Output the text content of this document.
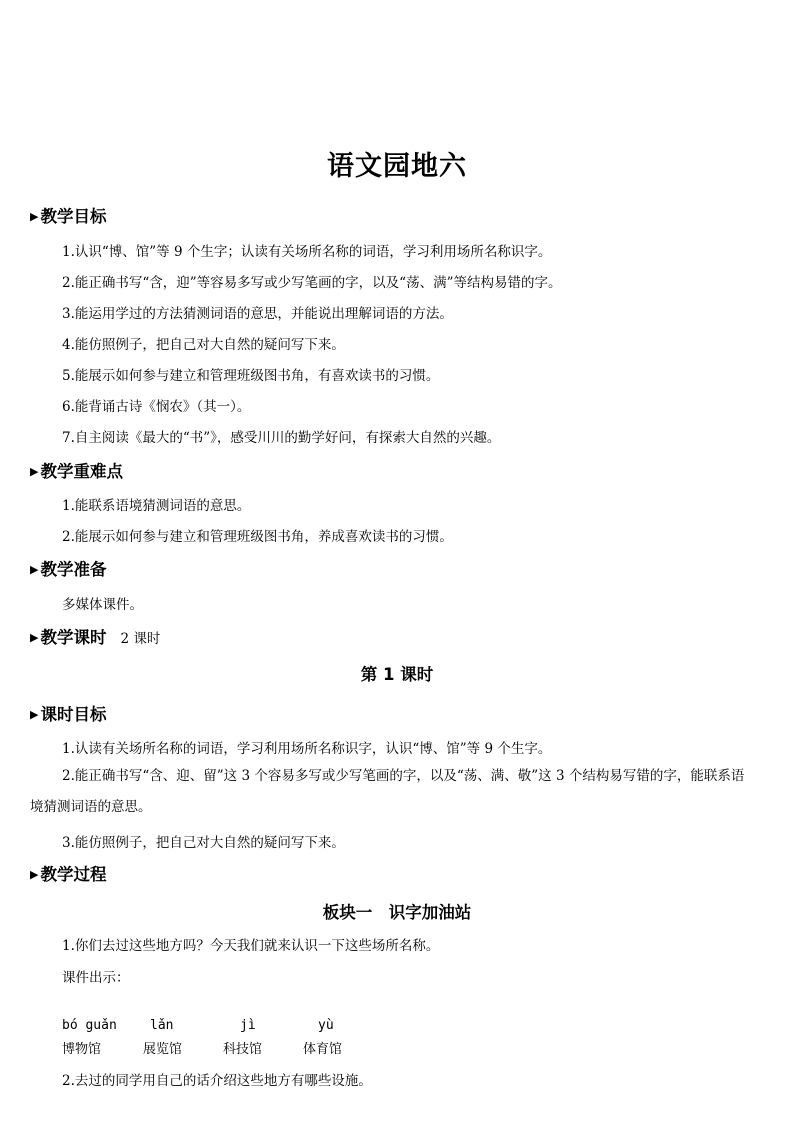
语文园地六
▶ 教学目标
1.认识“博、馆”等 9 个生字；认读有关场所名称的词语，学习利用场所名称识字。
2.能正确书写“含，迎”等容易多写或少写笔画的字，以及“荡、满”等结构易错的字。
3.能运用学过的方法猜测词语的意思，并能说出理解词语的方法。
4.能仿照例子，把自己对大自然的疑问写下来。
5.能展示如何参与建立和管理班级图书角，有喜欢读书的习惯。
6.能背诵古诗《悯农》（其一）。
7.自主阅读《最大的“书”》，感受川川的勤学好问，有探索大自然的兴趣。
▶ 教学重难点
1.能联系语境猜测词语的意思。
2.能展示如何参与建立和管理班级图书角，养成喜欢读书的习惯。
▶ 教学准备
多媒体课件。
▶ 教学课时 2 课时
第 1 课时
▶ 课时目标
1.认读有关场所名称的词语，学习利用场所名称识字，认识“博、馆”等 9 个生字。
2.能正确书写“含、迎、留”这 3 个容易多写或少写笔画的字，以及“荡、满、敬”这 3 个结构易写错的字，能联系语境猜测词语的意思。
3.能仿照例子，把自己对大自然的疑问写下来。
▶ 教学过程
板块一　识字加油站
1.你们去过这些地方吗？今天我们就来认识一下这些场所名称。
课件出示：
bó guǎn	lǎn	jì	yù
博物馆	展览馆	科技馆	体育馆
2.去过的同学用自己的话介绍这些地方有哪些设施。
